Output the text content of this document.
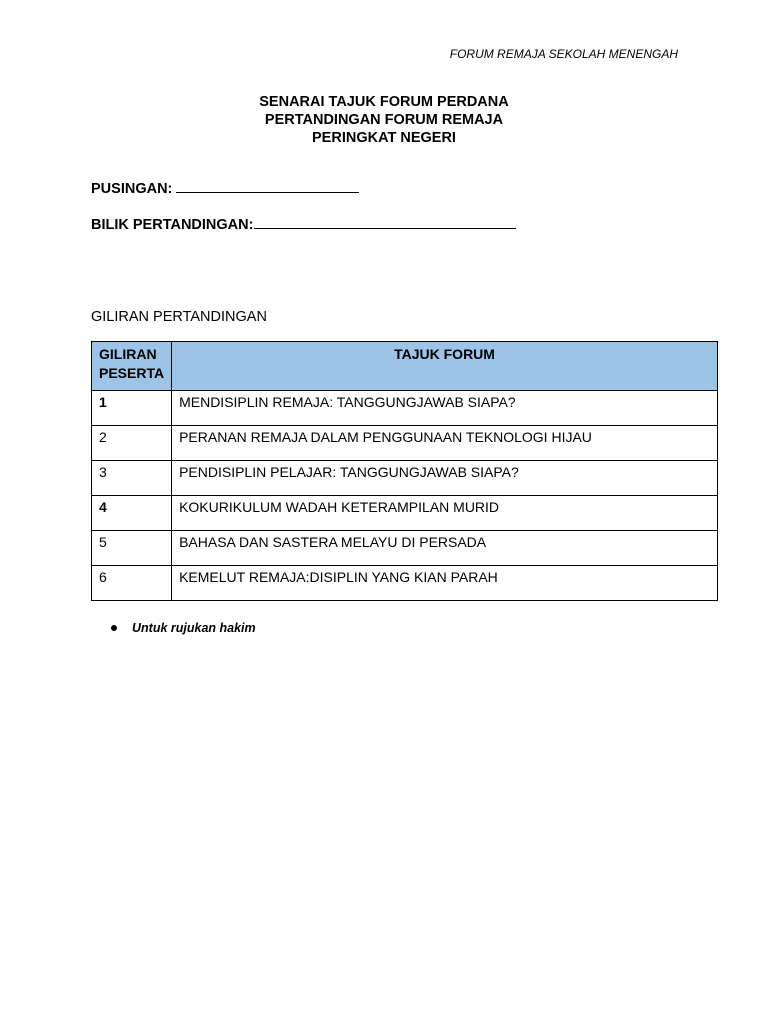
FORUM REMAJA SEKOLAH MENENGAH
SENARAI TAJUK FORUM PERDANA
PERTANDINGAN FORUM REMAJA
PERINGKAT NEGERI
PUSINGAN:
BILIK PERTANDINGAN:
GILIRAN PERTANDINGAN
GILIRAN PESERTA	TAJUK FORUM
1	MENDISIPLIN REMAJA: TANGGUNGJAWAB SIAPA?
2	PERANAN REMAJA DALAM PENGGUNAAN TEKNOLOGI HIJAU
3	PENDISIPLIN PELAJAR: TANGGUNGJAWAB SIAPA?
4	KOKURIKULUM WADAH KETERAMPILAN MURID
5	BAHASA DAN SASTERA MELAYU DI PERSADA
6	KEMELUT REMAJA:DISIPLIN YANG KIAN PARAH
Untuk rujukan hakim
